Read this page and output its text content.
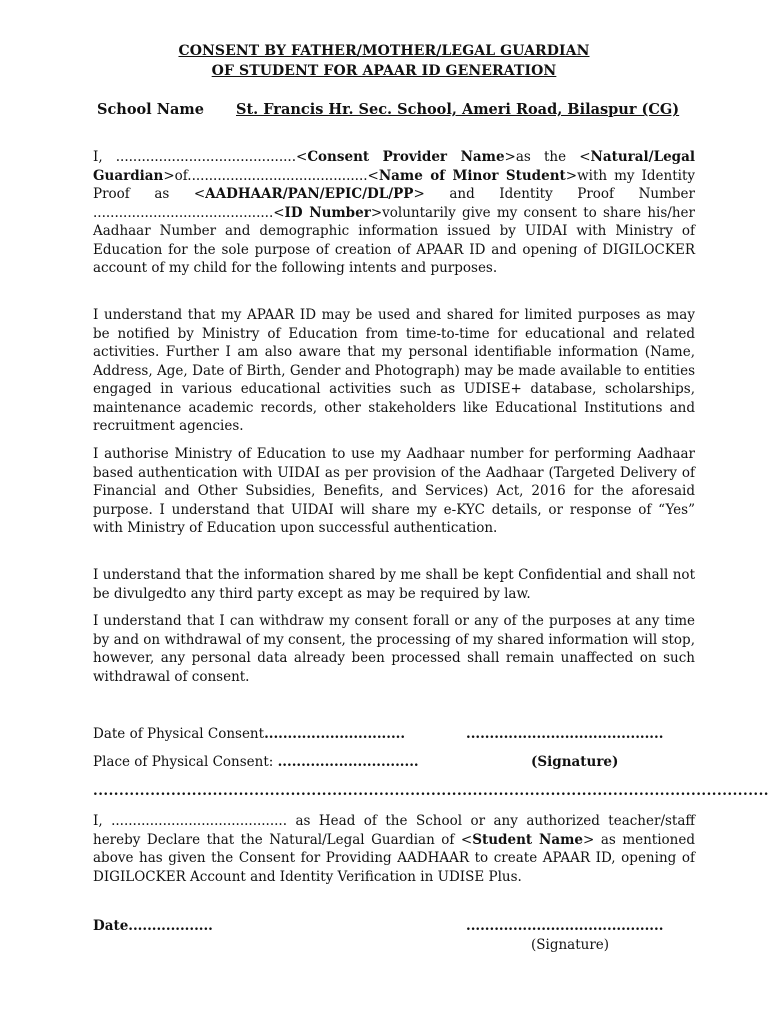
CONSENT BY FATHER/MOTHER/LEGAL GUARDIAN
OF STUDENT FOR APAAR ID GENERATION
School Name St. Francis Hr. Sec. School, Ameri Road, Bilaspur (CG)

I, ..........................................<Consent Provider Name>as the <Natural/Legal Guardian>of..........................................<Name of Minor Student>with my Identity Proof as <AADHAAR/PAN/EPIC/DL/PP> and Identity Proof Number ..........................................<ID Number>voluntarily give my consent to share his/her Aadhaar Number and demographic information issued by UIDAI with Ministry of Education for the sole purpose of creation of APAAR ID and opening of DIGILOCKER account of my child for the following intents and purposes.

I understand that my APAAR ID may be used and shared for limited purposes as may be notified by Ministry of Education from time-to-time for educational and related activities. Further I am also aware that my personal identifiable information (Name, Address, Age, Date of Birth, Gender and Photograph) may be made available to entities engaged in various educational activities such as UDISE+ database, scholarships, maintenance academic records, other stakeholders like Educational Institutions and recruitment agencies.

I authorise Ministry of Education to use my Aadhaar number for performing Aadhaar based authentication with UIDAI as per provision of the Aadhaar (Targeted Delivery of Financial and Other Subsidies, Benefits, and Services) Act, 2016 for the aforesaid purpose. I understand that UIDAI will share my e-KYC details, or response of “Yes” with Ministry of Education upon successful authentication.

I understand that the information shared by me shall be kept Confidential and shall not be divulgedto any third party except as may be required by law.

I understand that I can withdraw my consent forall or any of the purposes at any time by and on withdrawal of my consent, the processing of my shared information will stop, however, any personal data already been processed shall remain unaffected on such withdrawal of consent.

Date of Physical Consent..............................	..........................................
Place of Physical Consent: ..............................	(Signature)
..................................................................................................................................

I, ......................................... as Head of the School or any authorized teacher/staff hereby Declare that the Natural/Legal Guardian of <Student Name> as mentioned above has given the Consent for Providing AADHAAR to create APAAR ID, opening of DIGILOCKER Account and Identity Verification in UDISE Plus.

Date..................	..........................................
(Signature)
